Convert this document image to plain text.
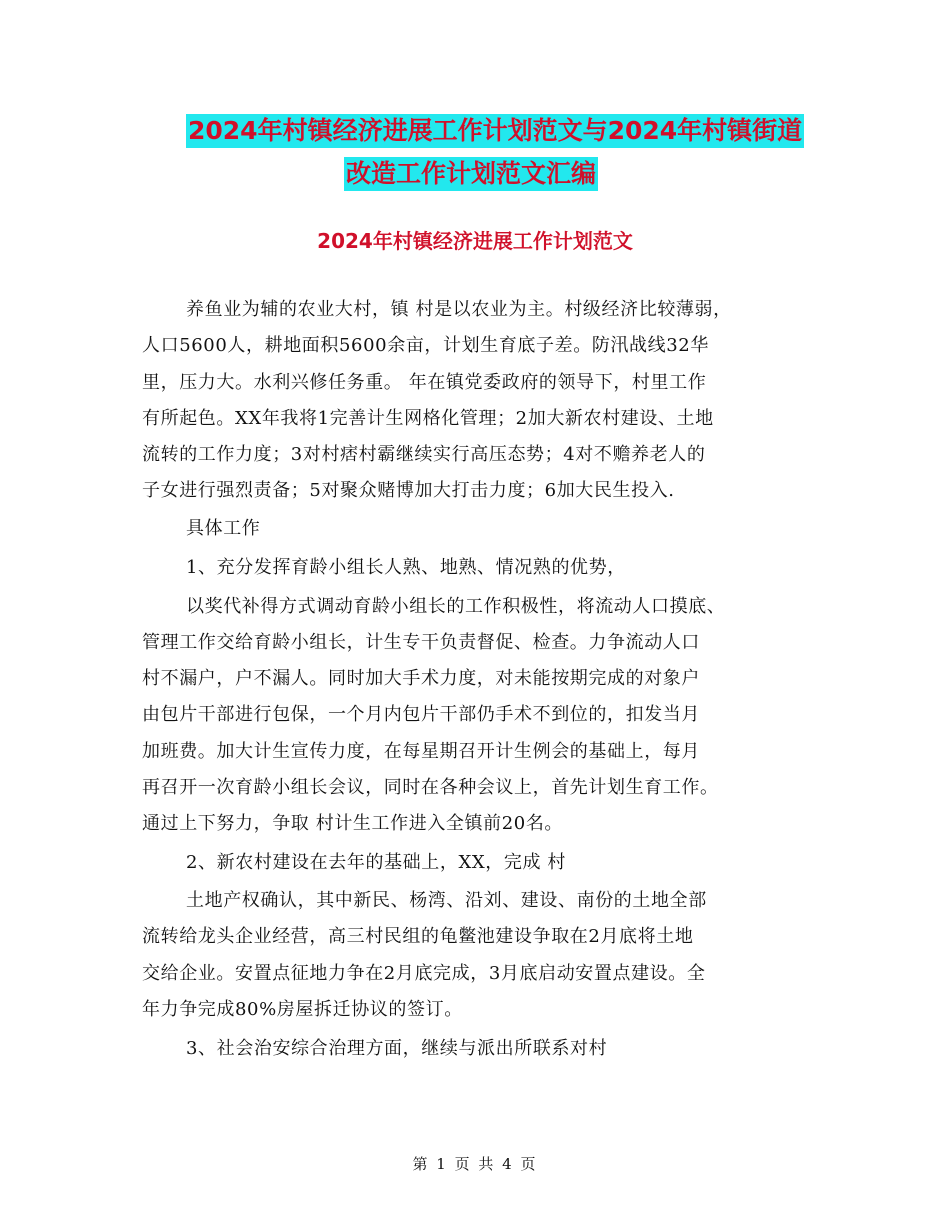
2024年村镇经济进展工作计划范文与2024年村镇街道
改造工作计划范文汇编
2024年村镇经济进展工作计划范文
养鱼业为辅的农业大村，镇 村是以农业为主。村级经济比较薄弱，
人口5600人，耕地面积5600余亩，计划生育底子差。防汛战线32华
里，压力大。水利兴修任务重。 年在镇党委政府的领导下，村里工作
有所起色。XX年我将1完善计生网格化管理；2加大新农村建设、土地
流转的工作力度；3对村痞村霸继续实行高压态势；4对不赡养老人的
子女进行强烈责备；5对聚众赌博加大打击力度；6加大民生投入.
具体工作
1、充分发挥育龄小组长人熟、地熟、情况熟的优势，
以奖代补得方式调动育龄小组长的工作积极性，将流动人口摸底、
管理工作交给育龄小组长，计生专干负责督促、检查。力争流动人口
村不漏户，户不漏人。同时加大手术力度，对未能按期完成的对象户
由包片干部进行包保，一个月内包片干部仍手术不到位的，扣发当月
加班费。加大计生宣传力度，在每星期召开计生例会的基础上，每月
再召开一次育龄小组长会议，同时在各种会议上，首先计划生育工作。
通过上下努力，争取 村计生工作进入全镇前20名。
2、新农村建设在去年的基础上，XX，完成 村
土地产权确认，其中新民、杨湾、沿刘、建设、南份的土地全部
流转给龙头企业经营，高三村民组的龟鳖池建设争取在2月底将土地
交给企业。安置点征地力争在2月底完成，3月底启动安置点建设。全
年力争完成80%房屋拆迁协议的签订。
3、社会治安综合治理方面，继续与派出所联系对村
第 1 页 共 4 页
